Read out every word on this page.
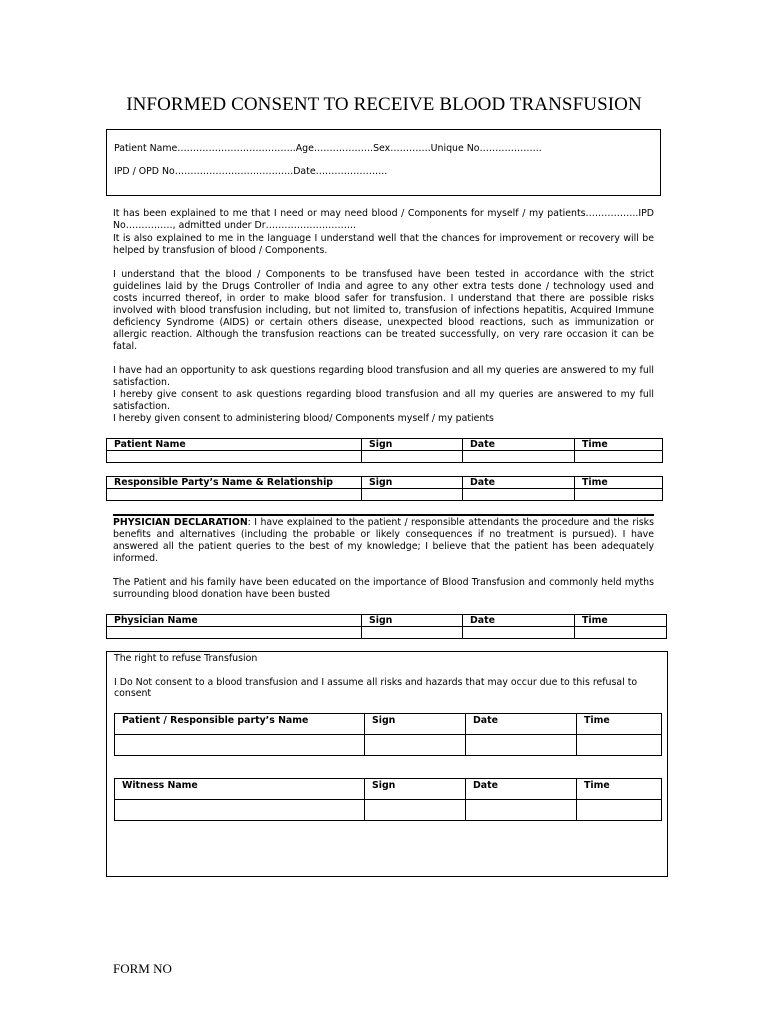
INFORMED CONSENT TO RECEIVE BLOOD TRANSFUSION
Patient Name………………………………..Age……………….Sex………….Unique No………………..
IPD / OPD No………………………………..Date…………………..

It has been explained to me that I need or may need blood / Components for myself / my patients……………..IPD No……………, admitted under Dr………………………..

It is also explained to me in the language I understand well that the chances for improvement or recovery will be helped by transfusion of blood / Components.

I understand that the blood / Components to be transfused have been tested in accordance with the strict guidelines laid by the Drugs Controller of India and agree to any other extra tests done / technology used and costs incurred thereof, in order to make blood safer for transfusion. I understand that there are possible risks involved with blood transfusion including, but not limited to, transfusion of infections hepatitis, Acquired Immune deficiency Syndrome (AIDS) or certain others disease, unexpected blood reactions, such as immunization or allergic reaction. Although the transfusion reactions can be treated successfully, on very rare occasion it can be fatal.

I have had an opportunity to ask questions regarding blood transfusion and all my queries are answered to my full satisfaction.

I hereby give consent to ask questions regarding blood transfusion and all my queries are answered to my full satisfaction.

I hereby given consent to administering blood/ Components myself / my patients

Patient Name	Sign	Date	Time

Responsible Party’s Name & Relationship	Sign	Date	Time

PHYSICIAN DECLARATION: I have explained to the patient / responsible attendants the procedure and the risks benefits and alternatives (including the probable or likely consequences if no treatment is pursued). I have answered all the patient queries to the best of my knowledge; I believe that the patient has been adequately informed.

The Patient and his family have been educated on the importance of Blood Transfusion and commonly held myths surrounding blood donation have been busted

Physician Name	Sign	Date	Time

The right to refuse Transfusion
I Do Not consent to a blood transfusion and I assume all risks and hazards that may occur due to this refusal to consent
Patient / Responsible party’s Name	Sign	Date	Time

Witness Name	Sign	Date	Time

FORM NO
